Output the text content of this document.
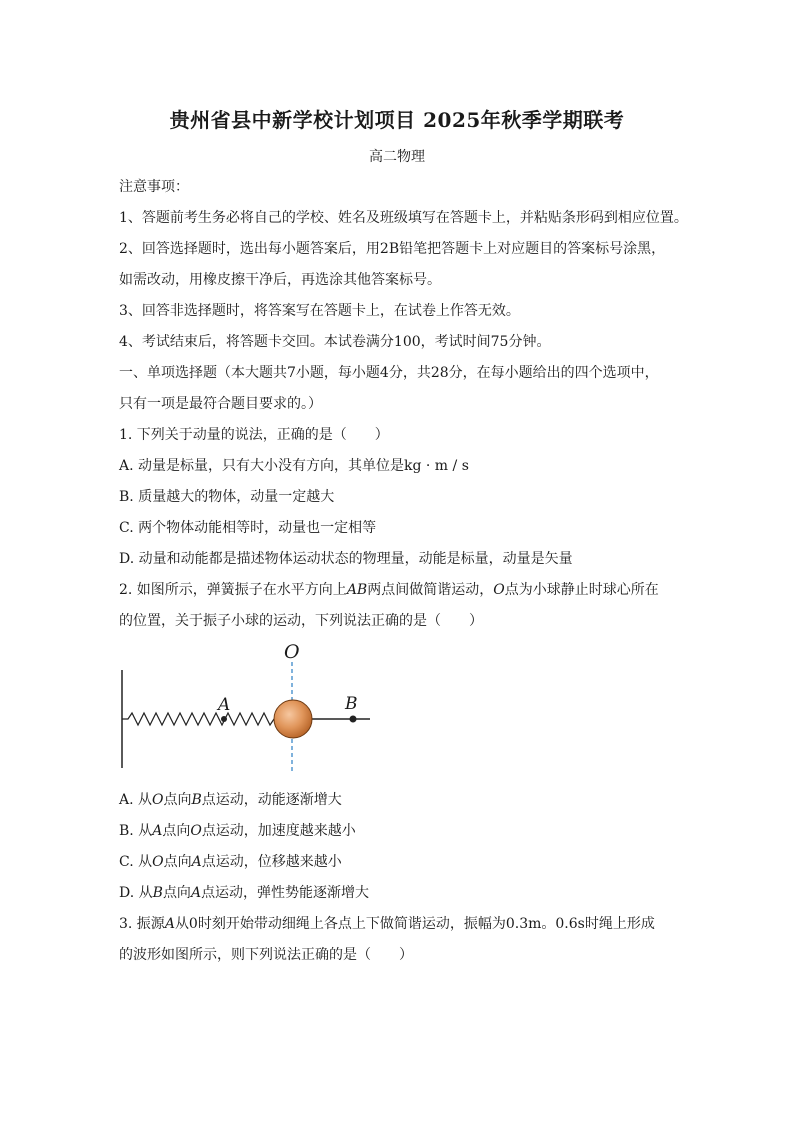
贵州省县中新学校计划项目 2025年秋季学期联考
高二物理
注意事项：
1、答题前考生务必将自己的学校、姓名及班级填写在答题卡上，并粘贴条形码到相应位置。
2、回答选择题时，选出每小题答案后，用2B铅笔把答题卡上对应题目的答案标号涂黑，
如需改动，用橡皮擦干净后，再选涂其他答案标号。
3、回答非选择题时，将答案写在答题卡上，在试卷上作答无效。
4、考试结束后，将答题卡交回。本试卷满分100，考试时间75分钟。
一、单项选择题（本大题共7小题，每小题4分，共28分，在每小题给出的四个选项中，
只有一项是最符合题目要求的。）
1. 下列关于动量的说法，正确的是（　　）
A. 动量是标量，只有大小没有方向，其单位是kg · m / s
B. 质量越大的物体，动量一定越大
C. 两个物体动能相等时，动量也一定相等
D. 动量和动能都是描述物体运动状态的物理量，动能是标量，动量是矢量
2. 如图所示，弹簧振子在水平方向上AB两点间做简谐运动，O点为小球静止时球心所在
的位置，关于振子小球的运动，下列说法正确的是（　　）
O
A	B
A. 从O点向B点运动，动能逐渐增大
B. 从A点向O点运动，加速度越来越小
C. 从O点向A点运动，位移越来越小
D. 从B点向A点运动，弹性势能逐渐增大
3. 振源A从0时刻开始带动细绳上各点上下做简谐运动，振幅为0.3m。0.6s时绳上形成
的波形如图所示，则下列说法正确的是（　　）
